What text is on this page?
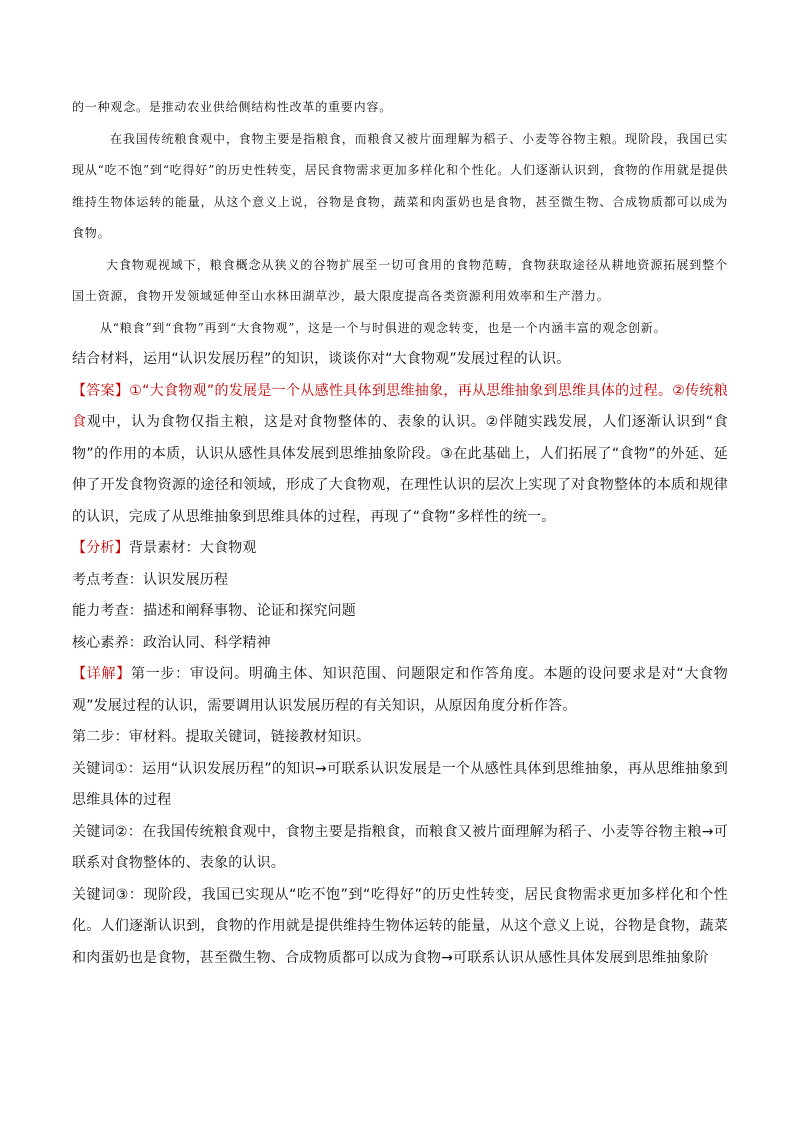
的一种观念。是推动农业供给侧结构性改革的重要内容。

在我国传统粮食观中，食物主要是指粮食，而粮食又被片面理解为稻子、小麦等谷物主粮。现阶段，我国已实现从“吃不饱”到“吃得好”的历史性转变，居民食物需求更加多样化和个性化。人们逐渐认识到，食物的作用就是提供维持生物体运转的能量，从这个意义上说，谷物是食物，蔬菜和肉蛋奶也是食物，甚至微生物、合成物质都可以成为食物。

大食物观视域下，粮食概念从狭义的谷物扩展至一切可食用的食物范畴，食物获取途径从耕地资源拓展到整个国土资源，食物开发领域延伸至山水林田湖草沙，最大限度提高各类资源利用效率和生产潜力。

从“粮食”到“食物”再到“大食物观”，这是一个与时俱进的观念转变，也是一个内涵丰富的观念创新。

结合材料，运用“认识发展历程”的知识，谈谈你对“大食物观”发展过程的认识。

【答案】①“大食物观”的发展是一个从感性具体到思维抽象，再从思维抽象到思维具体的过程。②传统粮食观中，认为食物仅指主粮，这是对食物整体的、表象的认识。②伴随实践发展，人们逐渐认识到“食物”的作用的本质，认识从感性具体发展到思维抽象阶段。③在此基础上，人们拓展了“食物”的外延、延伸了开发食物资源的途径和领域，形成了大食物观，在理性认识的层次上实现了对食物整体的本质和规律的认识，完成了从思维抽象到思维具体的过程，再现了“食物”多样性的统一。

【分析】背景素材：大食物观

考点考查：认识发展历程

能力考查：描述和阐释事物、论证和探究问题

核心素养：政治认同、科学精神

【详解】第一步：审设问。明确主体、知识范围、问题限定和作答角度。本题的设问要求是对“大食物观”发展过程的认识，需要调用认识发展历程的有关知识，从原因角度分析作答。

第二步：审材料。提取关键词，链接教材知识。

关键词①：运用“认识发展历程”的知识→可联系认识发展是一个从感性具体到思维抽象，再从思维抽象到思维具体的过程

关键词②：在我国传统粮食观中，食物主要是指粮食，而粮食又被片面理解为稻子、小麦等谷物主粮→可联系对食物整体的、表象的认识。

关键词③：现阶段，我国已实现从“吃不饱”到“吃得好”的历史性转变，居民食物需求更加多样化和个性化。人们逐渐认识到，食物的作用就是提供维持生物体运转的能量，从这个意义上说，谷物是食物，蔬菜和肉蛋奶也是食物，甚至微生物、合成物质都可以成为食物→可联系认识从感性具体发展到思维抽象阶
